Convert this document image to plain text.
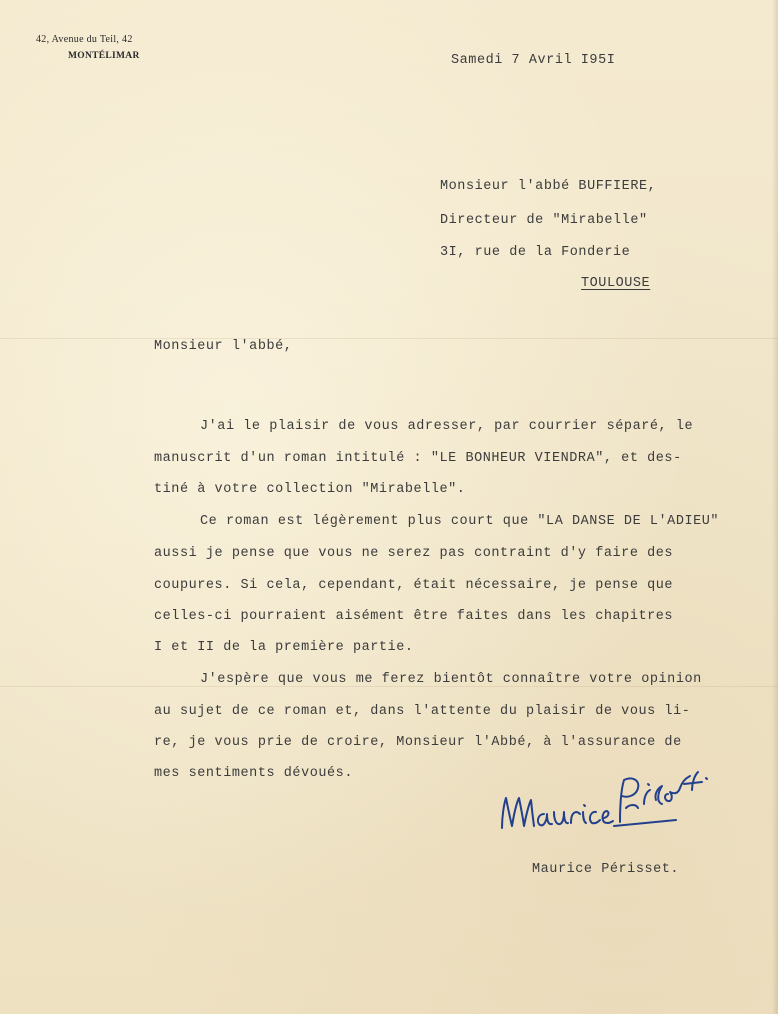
42, Avenue du Teil, 42
MONTÉLIMAR	Samedi 7 Avril I95I
Monsieur l'abbé BUFFIERE,
Directeur de "Mirabelle"
3I, rue de la Fonderie
TOULOUSE
Monsieur l'abbé,
J'ai le plaisir de vous adresser, par courrier séparé, le
manuscrit d'un roman intitulé : "LE BONHEUR VIENDRA", et des-
tiné à votre collection "Mirabelle".
Ce roman est légèrement plus court que "LA DANSE DE L'ADIEU"
aussi je pense que vous ne serez pas contraint d'y faire des
coupures. Si cela, cependant, était nécessaire, je pense que
celles-ci pourraient aisément être faites dans les chapitres
I et II de la première partie.
J'espère que vous me ferez bientôt connaître votre opinion
au sujet de ce roman et, dans l'attente du plaisir de vous li-
re, je vous prie de croire, Monsieur l'Abbé, à l'assurance de
mes sentiments dévoués.
Maurice Périsset.
